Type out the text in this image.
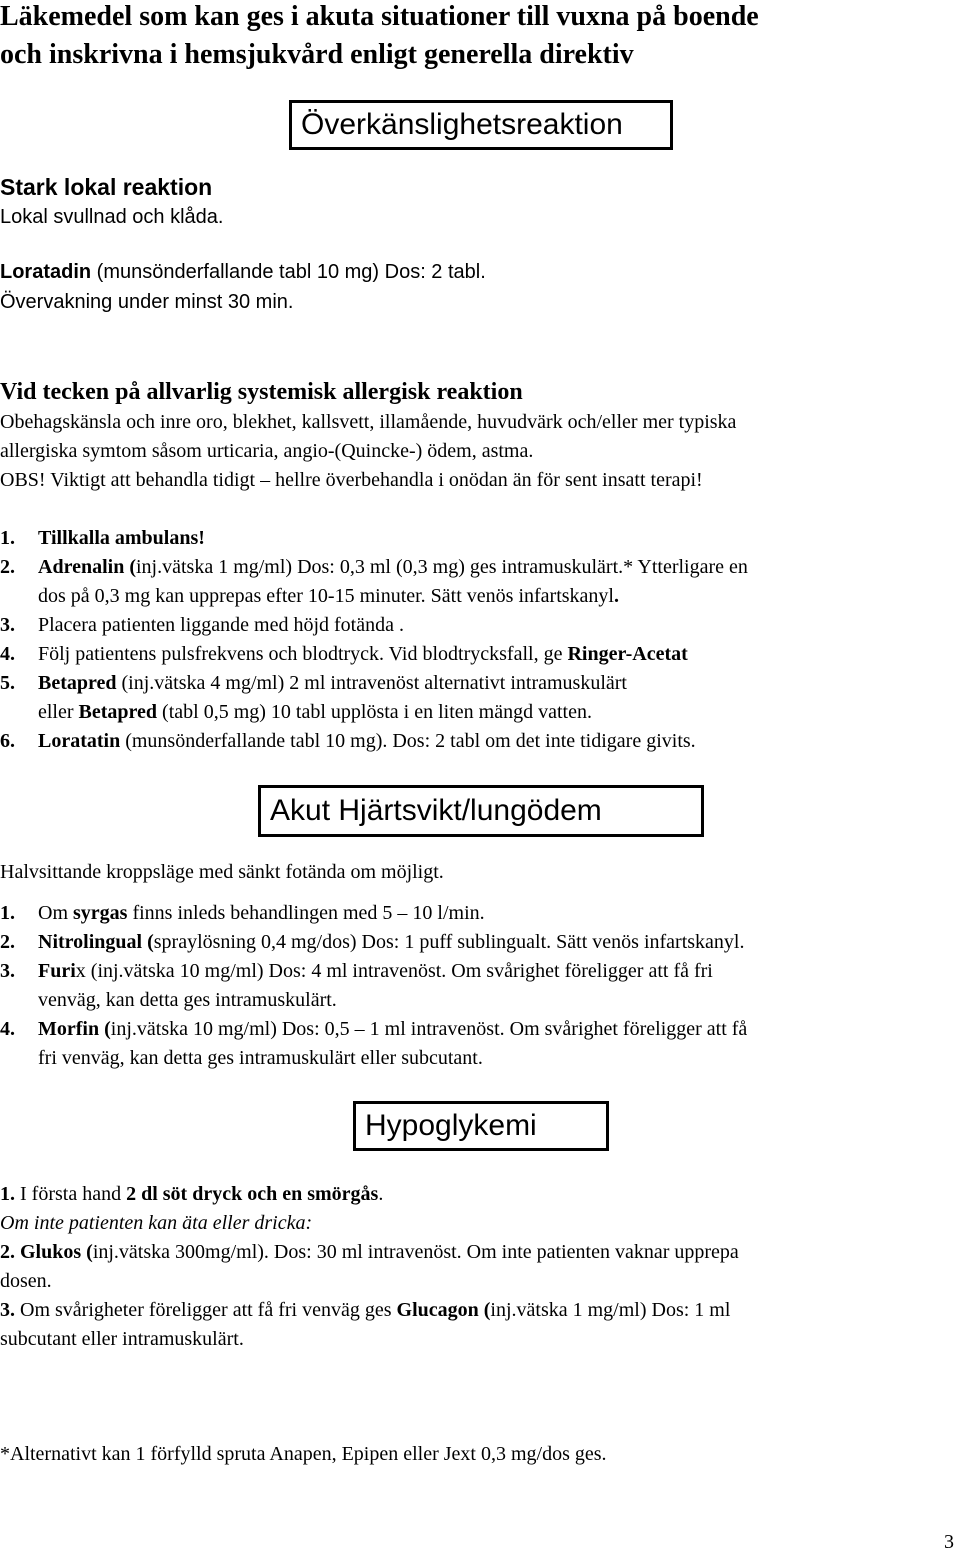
Läkemedel som kan ges i akuta situationer till vuxna på boende
och inskrivna i hemsjukvård enligt generella direktiv
Överkänslighetsreaktion
Stark lokal reaktion
Lokal svullnad och klåda.
Loratadin (munsönderfallande tabl 10 mg) Dos: 2 tabl.
Övervakning under minst 30 min.
Vid tecken på allvarlig systemisk allergisk reaktion
Obehagskänsla och inre oro, blekhet, kallsvett, illamående, huvudvärk och/eller mer typiska
allergiska symtom såsom urticaria, angio-(Quincke-) ödem, astma.
OBS! Viktigt att behandla tidigt – hellre överbehandla i onödan än för sent insatt terapi!
1. Tillkalla ambulans!
2. Adrenalin (inj.vätska 1 mg/ml) Dos: 0,3 ml (0,3 mg) ges intramuskulärt.* Ytterligare en
dos på 0,3 mg kan upprepas efter 10-15 minuter. Sätt venös infartskanyl.
3. Placera patienten liggande med höjd fotända .
4. Följ patientens pulsfrekvens och blodtryck. Vid blodtrycksfall, ge Ringer-Acetat
5. Betapred (inj.vätska 4 mg/ml) 2 ml intravenöst alternativt intramuskulärt
eller Betapred (tabl 0,5 mg) 10 tabl upplösta i en liten mängd vatten.
6. Loratatin (munsönderfallande tabl 10 mg). Dos: 2 tabl om det inte tidigare givits.
Akut Hjärtsvikt/lungödem
Halvsittande kroppsläge med sänkt fotända om möjligt.
1. Om syrgas finns inleds behandlingen med 5 – 10 l/min.
2. Nitrolingual (spraylösning 0,4 mg/dos) Dos: 1 puff sublingualt. Sätt venös infartskanyl.
3. Furix (inj.vätska 10 mg/ml) Dos: 4 ml intravenöst. Om svårighet föreligger att få fri
venväg, kan detta ges intramuskulärt.
4. Morfin (inj.vätska 10 mg/ml) Dos: 0,5 – 1 ml intravenöst. Om svårighet föreligger att få
fri venväg, kan detta ges intramuskulärt eller subcutant.
Hypoglykemi
1. I första hand 2 dl söt dryck och en smörgås.
Om inte patienten kan äta eller dricka:
2. Glukos (inj.vätska 300mg/ml). Dos: 30 ml intravenöst. Om inte patienten vaknar upprepa
dosen.
3. Om svårigheter föreligger att få fri venväg ges Glucagon (inj.vätska 1 mg/ml) Dos: 1 ml
subcutant eller intramuskulärt.
*Alternativt kan 1 förfylld spruta Anapen, Epipen eller Jext 0,3 mg/dos ges.
3
